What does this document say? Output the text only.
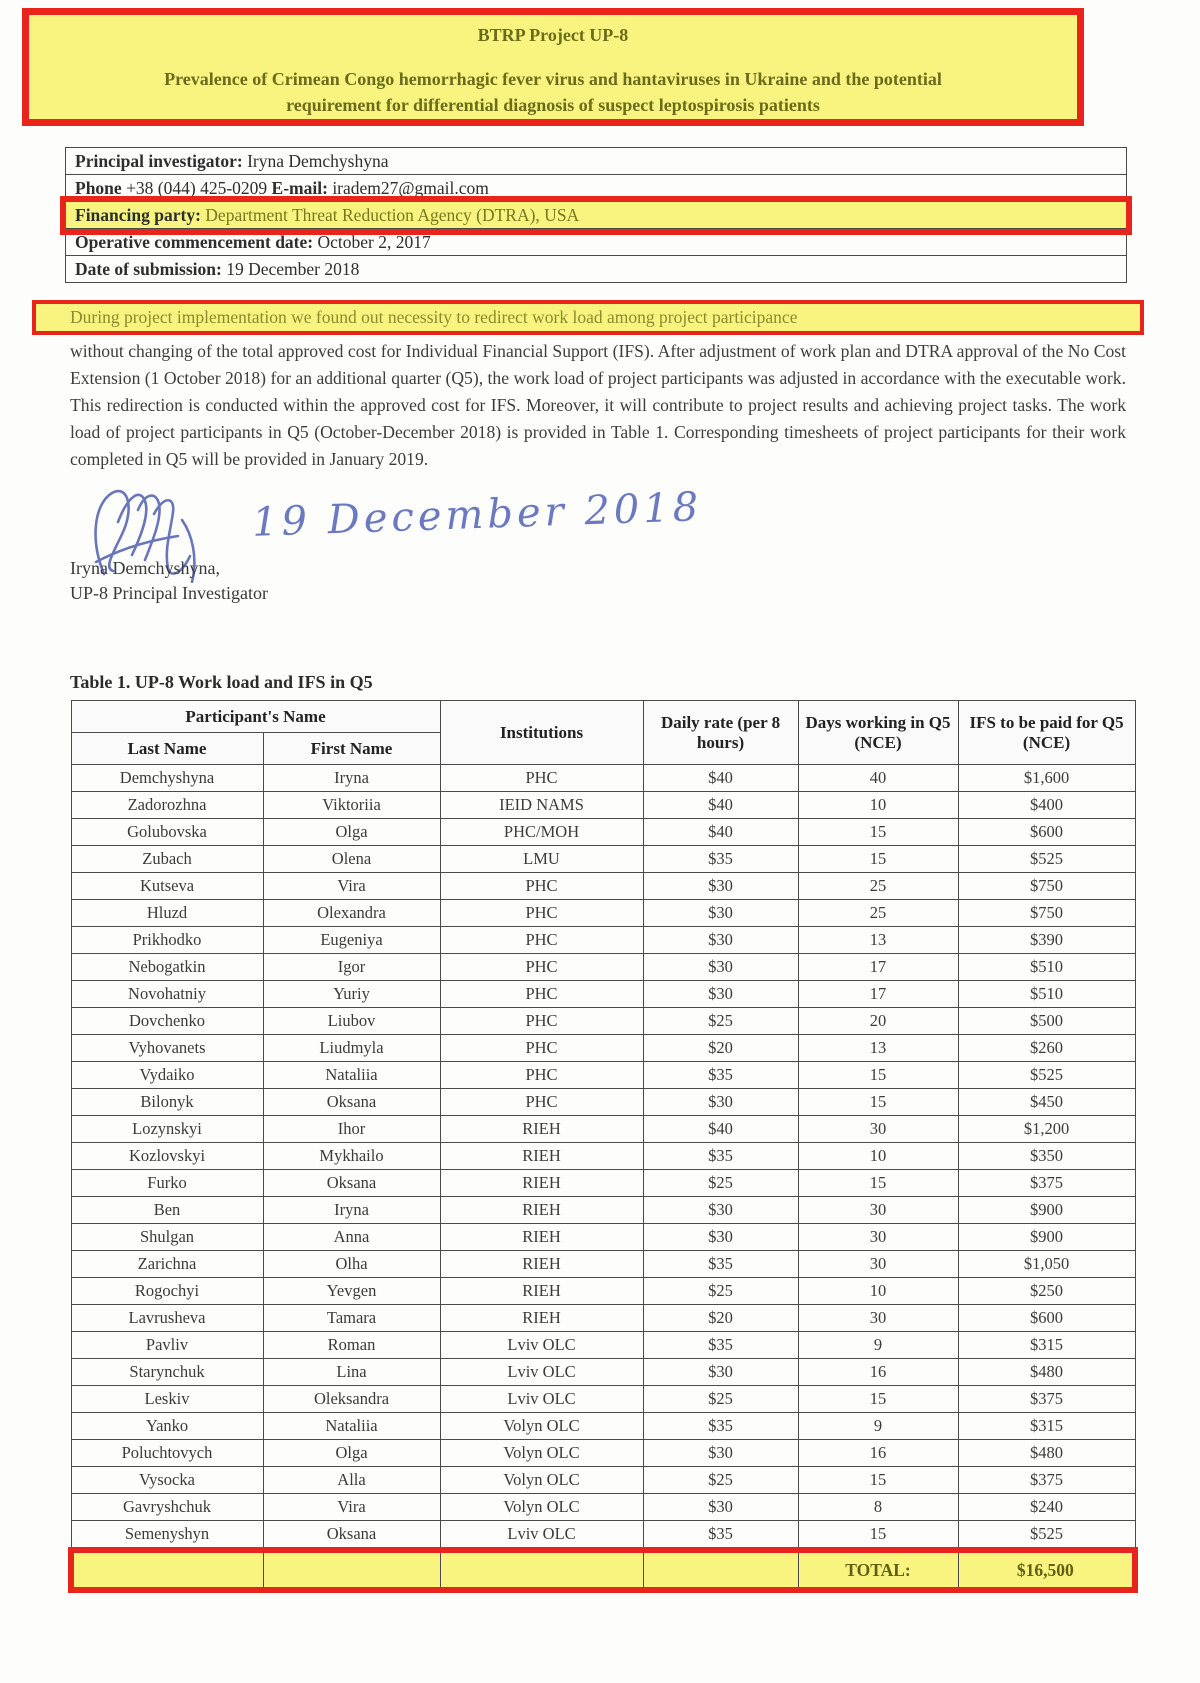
BTRP Project UP-8
Prevalence of Crimean Congo hemorrhagic fever virus and hantaviruses in Ukraine and the potential
requirement for differential diagnosis of suspect leptospirosis patients
Principal investigator: Iryna Demchyshyna
Phone +38 (044) 425-0209 E-mail: iradem27@gmail.com
Financing party: Department Threat Reduction Agency (DTRA), USA
Operative commencement date: October 2, 2017
Date of submission: 19 December 2018
During project implementation we found out necessity to redirect work load among project participance
without changing of the total approved cost for Individual Financial Support (IFS). After adjustment of work plan and DTRA approval of the No Cost Extension (1 October 2018) for an additional quarter (Q5), the work load of project participants was adjusted in accordance with the executable work. This redirection is conducted within the approved cost for IFS. Moreover, it will contribute to project results and achieving project tasks. The work load of project participants in Q5 (October-December 2018) is provided in Table 1. Corresponding timesheets of project participants for their work completed in Q5 will be provided in January 2019.
19 December 2018
Iryna Demchyshyna,
UP-8 Principal Investigator
Table 1. UP-8 Work load and IFS in Q5
Participant's Name		Institutions	Daily rate (per 8 hours)	Days working in Q5 (NCE)	IFS to be paid for Q5 (NCE)
Last Name	First Name				
Demchyshyna	Iryna	PHC	$40	40	$1,600
Zadorozhna	Viktoriia	IEID NAMS	$40	10	$400
Golubovska	Olga	PHC/MOH	$40	15	$600
Zubach	Olena	LMU	$35	15	$525
Kutseva	Vira	PHC	$30	25	$750
Hluzd	Olexandra	PHC	$30	25	$750
Prikhodko	Eugeniya	PHC	$30	13	$390
Nebogatkin	Igor	PHC	$30	17	$510
Novohatniy	Yuriy	PHC	$30	17	$510
Dovchenko	Liubov	PHC	$25	20	$500
Vyhovanets	Liudmyla	PHC	$20	13	$260
Vydaiko	Nataliia	PHC	$35	15	$525
Bilonyk	Oksana	PHC	$30	15	$450
Lozynskyi	Ihor	RIEH	$40	30	$1,200
Kozlovskyi	Mykhailo	RIEH	$35	10	$350
Furko	Oksana	RIEH	$25	15	$375
Ben	Iryna	RIEH	$30	30	$900
Shulgan	Anna	RIEH	$30	30	$900
Zarichna	Olha	RIEH	$35	30	$1,050
Rogochyi	Yevgen	RIEH	$25	10	$250
Lavrusheva	Tamara	RIEH	$20	30	$600
Pavliv	Roman	Lviv OLC	$35	9	$315
Starynchuk	Lina	Lviv OLC	$30	16	$480
Leskiv	Oleksandra	Lviv OLC	$25	15	$375
Yanko	Nataliia	Volyn OLC	$35	9	$315
Poluchtovych	Olga	Volyn OLC	$30	16	$480
Vysocka	Alla	Volyn OLC	$25	15	$375
Gavryshchuk	Vira	Volyn OLC	$30	8	$240
Semenyshyn	Oksana	Lviv OLC	$35	15	$525
				TOTAL:	$16,500
